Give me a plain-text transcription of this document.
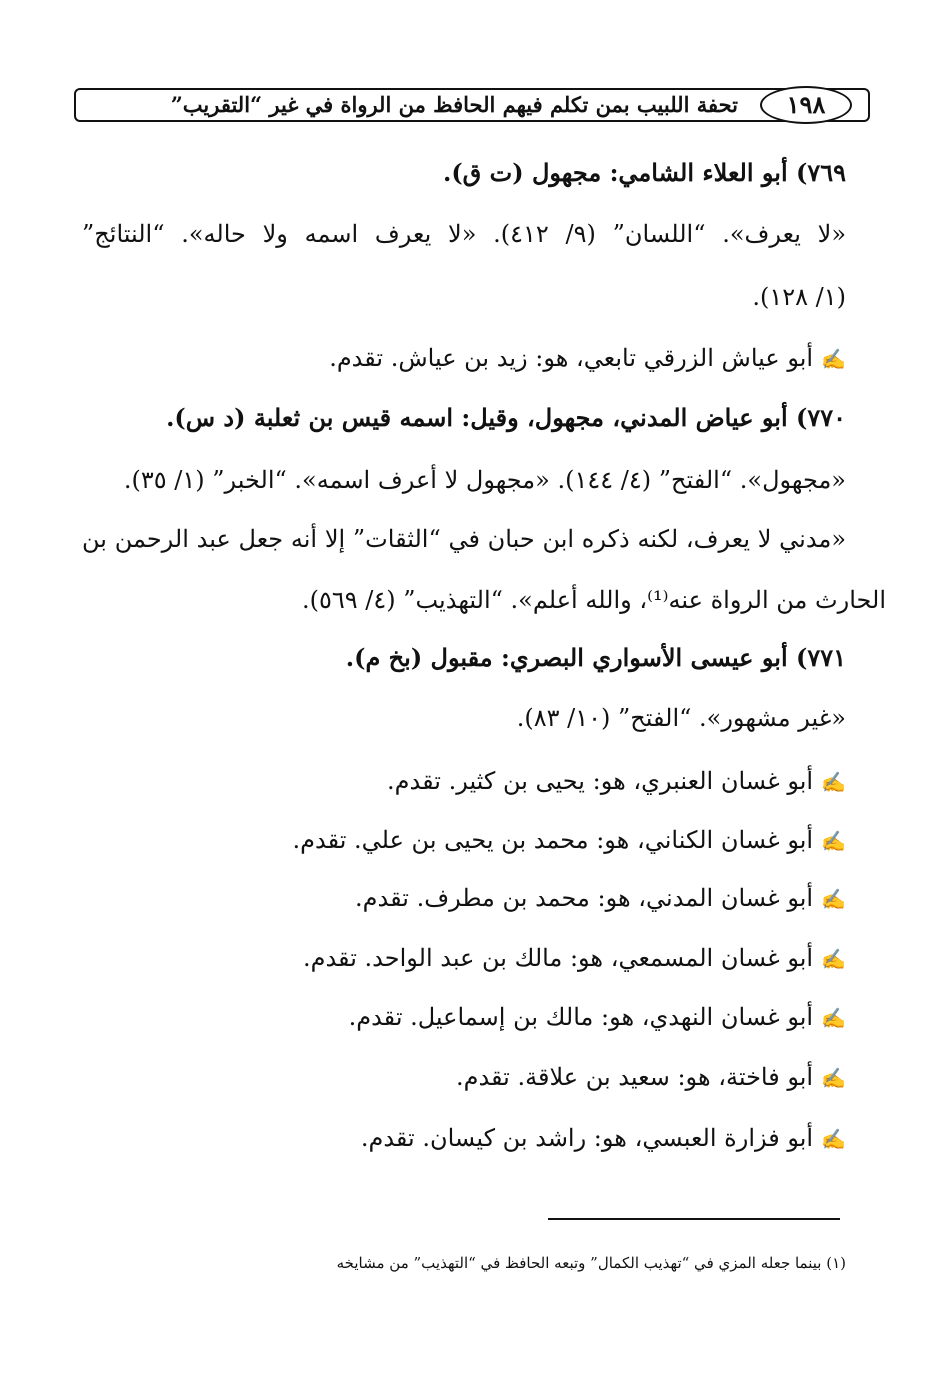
تحفة اللبيب بمن تكلم فيهم الحافظ من الرواة في غير “التقريب”	١٩٨
٧٦٩) أبو العلاء الشامي: مجهول (ت ق).
«لا يعرف». “اللسان” (٩/ ٤١٢). «لا يعرف اسمه ولا حاله». “النتائج”
(١/ ١٢٨).
✍أبو عياش الزرقي تابعي، هو: زيد بن عياش. تقدم.
٧٧٠) أبو عياض المدني، مجهول، وقيل: اسمه قيس بن ثعلبة (د س).
«مجهول». “الفتح” (٤/ ١٤٤). «مجهول لا أعرف اسمه». “الخبر” (١/ ٣٥).
«مدني لا يعرف، لكنه ذكره ابن حبان في “الثقات” إلا أنه جعل عبد الرحمن بن
الحارث من الرواة عنه⁽¹⁾، والله أعلم». “التهذيب” (٤/ ٥٦٩).
٧٧١) أبو عيسى الأسواري البصري: مقبول (بخ م).
«غير مشهور». “الفتح” (١٠/ ٨٣).
✍أبو غسان العنبري، هو: يحيى بن كثير. تقدم.
✍أبو غسان الكناني، هو: محمد بن يحيى بن علي. تقدم.
✍أبو غسان المدني، هو: محمد بن مطرف. تقدم.
✍أبو غسان المسمعي، هو: مالك بن عبد الواحد. تقدم.
✍أبو غسان النهدي، هو: مالك بن إسماعيل. تقدم.
✍أبو فاختة، هو: سعيد بن علاقة. تقدم.
✍أبو فزارة العبسي، هو: راشد بن كيسان. تقدم.
(١) بينما جعله المزي في “تهذيب الكمال” وتبعه الحافظ في “التهذيب” من مشايخه
